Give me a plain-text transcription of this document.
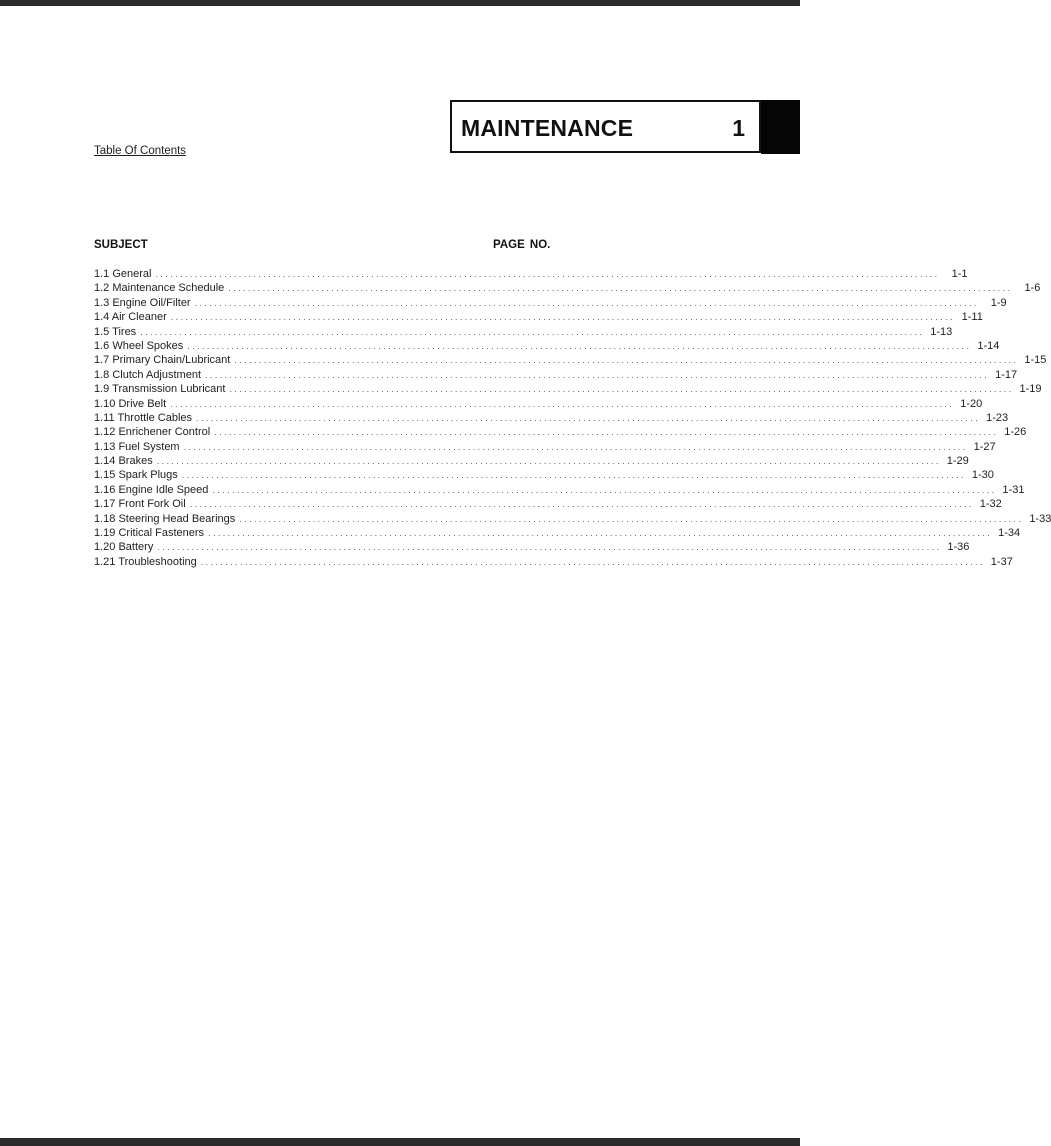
MAINTENANCE	1
Table Of Contents
SUBJECT	PAGE NO.
1.1 General ................................................................................................................................................................	1-1
1.2 Maintenance Schedule ................................................................................................................................................................	1-6
1.3 Engine Oil/Filter ................................................................................................................................................................	1-9
1.4 Air Cleaner ................................................................................................................................................................ 1-11
1.5 Tires ................................................................................................................................................................ 1-13
1.6 Wheel Spokes ................................................................................................................................................................ 1-14
1.7 Primary Chain/Lubricant ................................................................................................................................................................ 1-15
1.8 Clutch Adjustment ................................................................................................................................................................ 1-17
1.9 Transmission Lubricant ................................................................................................................................................................ 1-19
1.10 Drive Belt ................................................................................................................................................................ 1-20
1.11 Throttle Cables ................................................................................................................................................................ 1-23
1.12 Enrichener Control ................................................................................................................................................................ 1-26
1.13 Fuel System ................................................................................................................................................................ 1-27
1.14 Brakes ................................................................................................................................................................ 1-29
1.15 Spark Plugs ................................................................................................................................................................ 1-30
1.16 Engine Idle Speed ................................................................................................................................................................ 1-31
1.17 Front Fork Oil ................................................................................................................................................................ 1-32
1.18 Steering Head Bearings ................................................................................................................................................................ 1-33
1.19 Critical Fasteners ................................................................................................................................................................ 1-34
1.20 Battery ................................................................................................................................................................ 1-36
1.21 Troubleshooting ................................................................................................................................................................ 1-37
